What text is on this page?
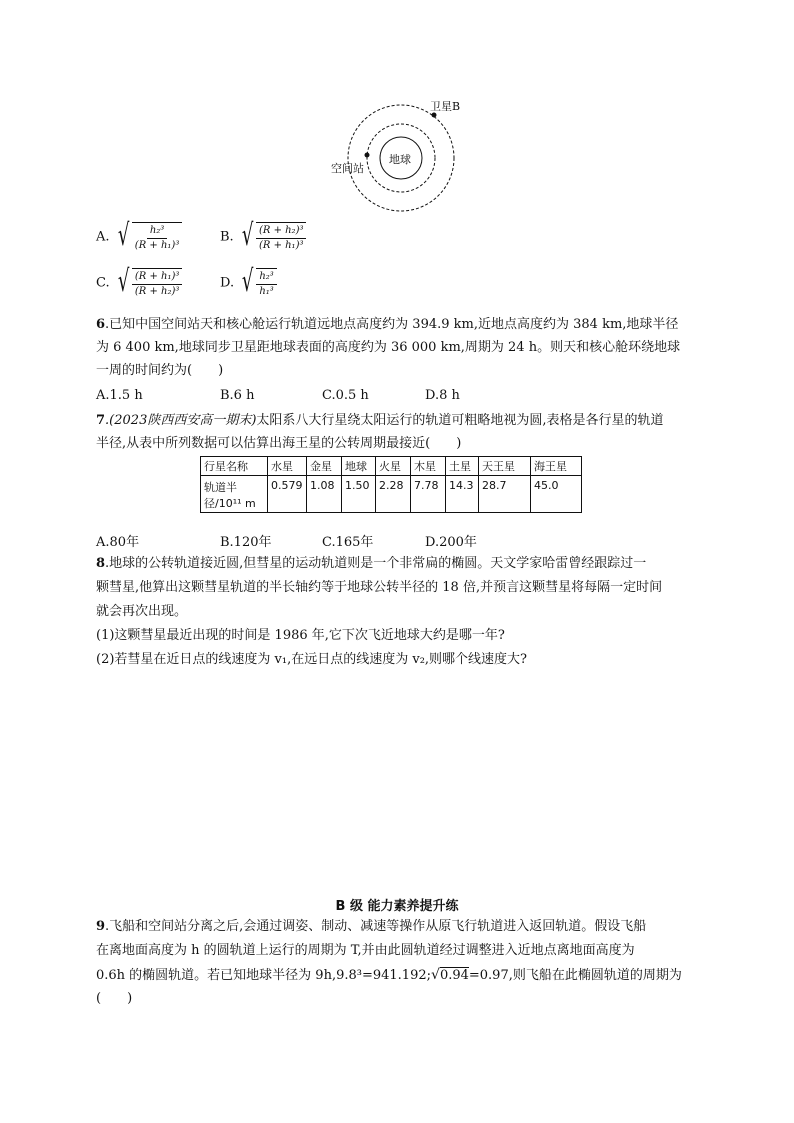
卫星B
空间站
地球
A. √ $\frac{\text{h₂³}}{\text{(R + h₁)³}}$	B. √ $\frac{\text{(R + h₂)³}}{\text{(R + h₁)³}}$
C. √ $\frac{\text{(R + h₁)³}}{\text{(R + h₂)³}}$	D. √ $\frac{\text{h₂³}}{\text{h₁³}}$
6.已知中国空间站天和核心舱运行轨道远地点高度约为 394.9 km,近地点高度约为 384 km,地球半径
为 6 400 km,地球同步卫星距地球表面的高度约为 36 000 km,周期为 24 h。则天和核心舱环绕地球
一周的时间约为(　　)
A.1.5 h	B.6 h	C.0.5 h	D.8 h
7.(2023陕西西安高一期末)太阳系八大行星绕太阳运行的轨道可粗略地视为圆,表格是各行星的轨道
半径,从表中所列数据可以估算出海王星的公转周期最接近(　　)
行星名称	水星	金星	地球	火星	木星	土星	天王星	海王星
轨道半
径/10¹¹ m	0.579	1.08	1.50	2.28	7.78	14.3	28.7	45.0
A.80年	B.120年	C.165年	D.200年
8.地球的公转轨道接近圆,但彗星的运动轨道则是一个非常扁的椭圆。天文学家哈雷曾经跟踪过一
颗彗星,他算出这颗彗星轨道的半长轴约等于地球公转半径的 18 倍,并预言这颗彗星将每隔一定时间
就会再次出现。
(1)这颗彗星最近出现的时间是 1986 年,它下次飞近地球大约是哪一年?
(2)若彗星在近日点的线速度为 v₁,在远日点的线速度为 v₂,则哪个线速度大?
B 级 能力素养提升练
9.飞船和空间站分离之后,会通过调姿、制动、减速等操作从原飞行轨道进入返回轨道。假设飞船
在离地面高度为 h 的圆轨道上运行的周期为 T,并由此圆轨道经过调整进入近地点离地面高度为
0.6h 的椭圆轨道。若已知地球半径为 9h,9.8³=941.192;√0.94=0.97,则飞船在此椭圆轨道的周期为
(　　)
